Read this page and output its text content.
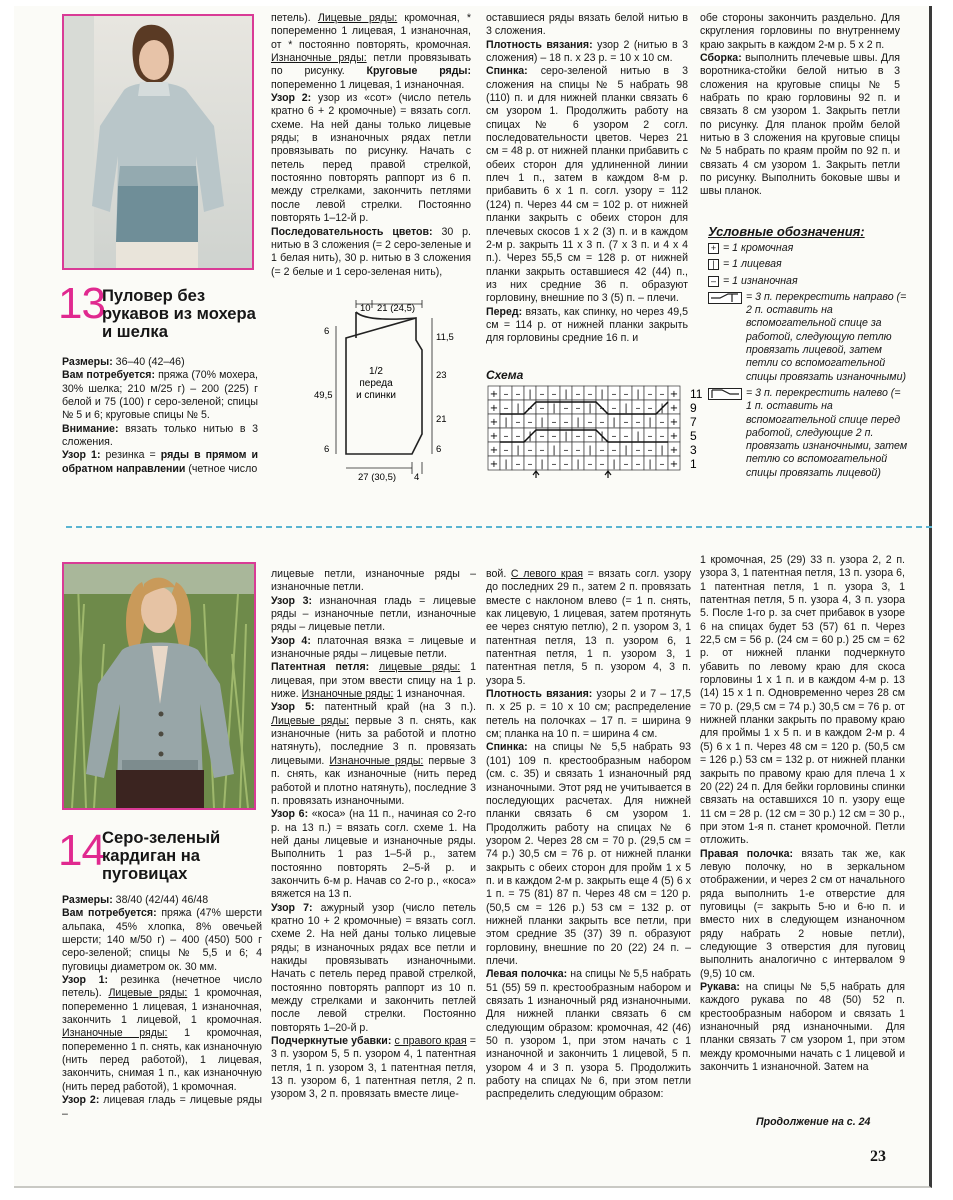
13
Пуловер без рукавов из мохера и шелка

Размеры: 36–40 (42–46)

Вам потребуется: пряжа (70% мохера, 30% шелка; 210 м/25 г) – 200 (225) г белой и 75 (100) г серо-зеленой; спицы № 5 и 6; круговые спицы № 5.

Внимание: вязать только нитью в 3 сложения.

Узор 1: резинка = ряды в прямом и обратном направлении (четное число

петель). Лицевые ряды: кромочная, * попеременно 1 лицевая, 1 изнаночная, от * постоянно повторять, кромочная. Изнаночные ряды: петли провязывать по рисунку. Круговые ряды: попеременно 1 лицевая, 1 изнаночная.

Узор 2: узор из «сот» (число петель кратно 6 + 2 кромочные) = вязать согл. схеме. На ней даны только лицевые ряды; в изнаночных рядах петли провязывать по рисунку. Начать с петель перед правой стрелкой, постоянно повторять раппорт из 6 п. между стрелками, закончить петлями после левой стрелки. Постоянно повторять 1–12-й р.

Последовательность цветов: 30 р. нитью в 3 сложения (= 2 серо-зеленые и 1 белая нить), 30 р. нитью в 3 сложения (= 2 белые и 1 серо-зеленая нить),

10 21 (24,5)
6
11,5
1/2
переда
и спинки
49,5
23
21
6	6
27 (30,5) 4

оставшиеся ряды вязать белой нитью в 3 сложения.

Плотность вязания: узор 2 (нитью в 3 сложения) – 18 п. x 23 р. = 10 x 10 см.

Спинка: серо-зеленой нитью в 3 сложения на спицы № 5 набрать 98 (110) п. и для нижней планки связать 6 см узором 1. Продолжить работу на спицах № 6 узором 2 согл. последовательности цветов. Через 21 см = 48 р. от нижней планки прибавить с обеих сторон для удлиненной линии плеч 1 п., затем в каждом 8-м р. прибавить 6 x 1 п. согл. узору = 112 (124) п. Через 44 см = 102 р. от нижней планки закрыть с обеих сторон для плечевых скосов 1 x 2 (3) п. и в каждом 2-м р. закрыть 11 x 3 п. (7 x 3 п. и 4 x 4 п.). Через 55,5 см = 128 р. от нижней планки закрыть оставшиеся 42 (44) п., из них средние 36 п. образуют горловину, внешние по 3 (5) п. – плечи.

Перед: вязать, как спинку, но через 49,5 см = 114 р. от нижней планки закрыть для горловины средние 16 п. и

Схема
+ – – | – – | – – | – – | – – +
+ – | – – | – – | – – | – – | +
+ | – – | – – | – – | – – | – +
+ – – | – – | – – | – – | – – +
+ – | – – | – – | – – | – – | +
+ | – – | – – | – – | – – | – +
11
9
7
5
3
1

обе стороны закончить раздельно. Для скругления горловины по внутреннему краю закрыть в каждом 2-м р. 5 x 2 п.

Сборка: выполнить плечевые швы. Для воротника-стойки белой нитью в 3 сложения на круговые спицы № 5 набрать по краю горловины 92 п. и связать 8 см узором 1. Закрыть петли по рисунку. Для планок пройм белой нитью в 3 сложения на круговые спицы № 5 набрать по краям пройм по 92 п. и связать 4 см узором 1. Закрыть петли по рисунку. Выполнить боковые швы и швы планок.

Условные обозначения:
+ = 1 кромочная
| = 1 лицевая
– = 1 изнаночная
= 3 п. перекрестить направо (= 2 п. оставить на вспомогательной спице за работой, следующую петлю провязать лицевой, затем петли со вспомогательной спицы провязать изнаночными)
= 3 п. перекрестить налево (= 1 п. оставить на вспомогательной спице перед работой, следующие 2 п. провязать изнаночными, затем петлю со вспомогательной спицы провязать лицевой)
14
Серо-зеленый кардиган на пуговицах

Размеры: 38/40 (42/44) 46/48

Вам потребуется: пряжа (47% шерсти альпака, 45% хлопка, 8% овечьей шерсти; 140 м/50 г) – 400 (450) 500 г серо-зеленой; спицы № 5,5 и 6; 4 пуговицы диаметром ок. 30 мм.

Узор 1: резинка (нечетное число петель). Лицевые ряды: 1 кромочная, попеременно 1 лицевая, 1 изнаночная, закончить 1 лицевой, 1 кромочная. Изнаночные ряды: 1 кромочная, попеременно 1 п. снять, как изнаночную (нить перед работой), 1 лицевая, закончить, снимая 1 п., как изнаночную (нить перед работой), 1 кромочная.

Узор 2: лицевая гладь = лицевые ряды –

лицевые петли, изнаночные ряды – изнаночные петли.

Узор 3: изнаночная гладь = лицевые ряды – изнаночные петли, изнаночные ряды – лицевые петли.

Узор 4: платочная вязка = лицевые и изнаночные ряды – лицевые петли.

Патентная петля: лицевые ряды: 1 лицевая, при этом ввести спицу на 1 р. ниже. Изнаночные ряды: 1 изнаночная.

Узор 5: патентный край (на 3 п.). Лицевые ряды: первые 3 п. снять, как изнаночные (нить за работой и плотно натянуть), последние 3 п. провязать лицевыми. Изнаночные ряды: первые 3 п. снять, как изнаночные (нить перед работой и плотно натянуть), последние 3 п. провязать изнаночными.

Узор 6: «коса» (на 11 п., начиная со 2-го р. на 13 п.) = вязать согл. схеме 1. На ней даны лицевые и изнаночные ряды. Выполнить 1 раз 1–5-й р., затем постоянно повторять 2–5-й р. и закончить 6-м р. Начав со 2-го р., «коса» вяжется на 13 п.

Узор 7: ажурный узор (число петель кратно 10 + 2 кромочные) = вязать согл. схеме 2. На ней даны только лицевые ряды; в изнаночных рядах все петли и накиды провязывать изнаночными. Начать с петель перед правой стрелкой, постоянно повторять раппорт из 10 п. между стрелками и закончить петлей после левой стрелки. Постоянно повторять 1–20-й р.

Подчеркнутые убавки: с правого края = 3 п. узором 5, 5 п. узором 4, 1 патентная петля, 1 п. узором 3, 1 патентная петля, 13 п. узором 6, 1 патентная петля, 2 п. узором 3, 2 п. провязать вместе лице-

вой. С левого края = вязать согл. узору до последних 29 п., затем 2 п. провязать вместе с наклоном влево (= 1 п. снять, как лицевую, 1 лицевая, затем протянуть ее через снятую петлю), 2 п. узором 3, 1 патентная петля, 13 п. узором 6, 1 патентная петля, 1 п. узором 3, 1 патентная петля, 5 п. узором 4, 3 п. узора 5.

Плотность вязания: узоры 2 и 7 – 17,5 п. x 25 р. = 10 x 10 см; распределение петель на полочках – 17 п. = ширина 9 см; планка на 10 п. = ширина 4 см.

Спинка: на спицы № 5,5 набрать 93 (101) 109 п. крестообразным набором (см. с. 35) и связать 1 изнаночный ряд изнаночными. Этот ряд не учитывается в последующих расчетах. Для нижней планки связать 6 см узором 1. Продолжить работу на спицах № 6 узором 2. Через 28 см = 70 р. (29,5 см = 74 р.) 30,5 см = 76 р. от нижней планки закрыть с обеих сторон для пройм 1 x 5 п. и в каждом 2-м р. закрыть еще 4 (5) 6 x 1 п. = 75 (81) 87 п. Через 48 см = 120 р. (50,5 см = 126 р.) 53 см = 132 р. от нижней планки закрыть все петли, при этом средние 35 (37) 39 п. образуют горловину, внешние по 20 (22) 24 п. – плечи.

Левая полочка: на спицы № 5,5 набрать 51 (55) 59 п. крестообразным набором и связать 1 изнаночный ряд изнаночными. Для нижней планки связать 6 см следующим образом: кромочная, 42 (46) 50 п. узором 1, при этом начать с 1 изнаночной и закончить 1 лицевой, 5 п. узором 4 и 3 п. узора 5. Продолжить работу на спицах № 6, при этом петли распределить следующим образом:

1 кромочная, 25 (29) 33 п. узора 2, 2 п. узора 3, 1 патентная петля, 13 п. узора 6, 1 патентная петля, 1 п. узора 3, 1 патентная петля, 5 п. узора 4, 3 п. узора 5. После 1-го р. за счет прибавок в узоре 6 на спицах будет 53 (57) 61 п. Через 22,5 см = 56 р. (24 см = 60 р.) 25 см = 62 р. от нижней планки подчеркнуто убавить по левому краю для скоса горловины 1 x 1 п. и в каждом 4-м р. 13 (14) 15 x 1 п. Одновременно через 28 см = 70 р. (29,5 см = 74 р.) 30,5 см = 76 р. от нижней планки закрыть по правому краю для проймы 1 x 5 п. и в каждом 2-м р. 4 (5) 6 x 1 п. Через 48 см = 120 р. (50,5 см = 126 р.) 53 см = 132 р. от нижней планки закрыть по правому краю для плеча 1 x 20 (22) 24 п. Для бейки горловины спинки связать на оставшихся 10 п. узору еще 11 см = 28 р. (12 см = 30 р.) 12 см = 30 р., при этом 1-я п. станет кромочной. Петли отложить.

Правая полочка: вязать так же, как левую полочку, но в зеркальном отображении, и через 2 см от начального ряда выполнить 1-е отверстие для пуговицы (= закрыть 5-ю и 6-ю п. и вместо них в следующем изнаночном ряду набрать 2 новые петли), следующие 3 отверстия для пуговиц выполнить аналогично с интервалом 9 (9,5) 10 см.

Рукава: на спицы № 5,5 набрать для каждого рукава по 48 (50) 52 п. крестообразным набором и связать 1 изнаночный ряд изнаночными. Для планки связать 7 см узором 1, при этом между кромочными начать с 1 лицевой и закончить 1 изнаночной. Затем на

Продолжение на с. 24
23
